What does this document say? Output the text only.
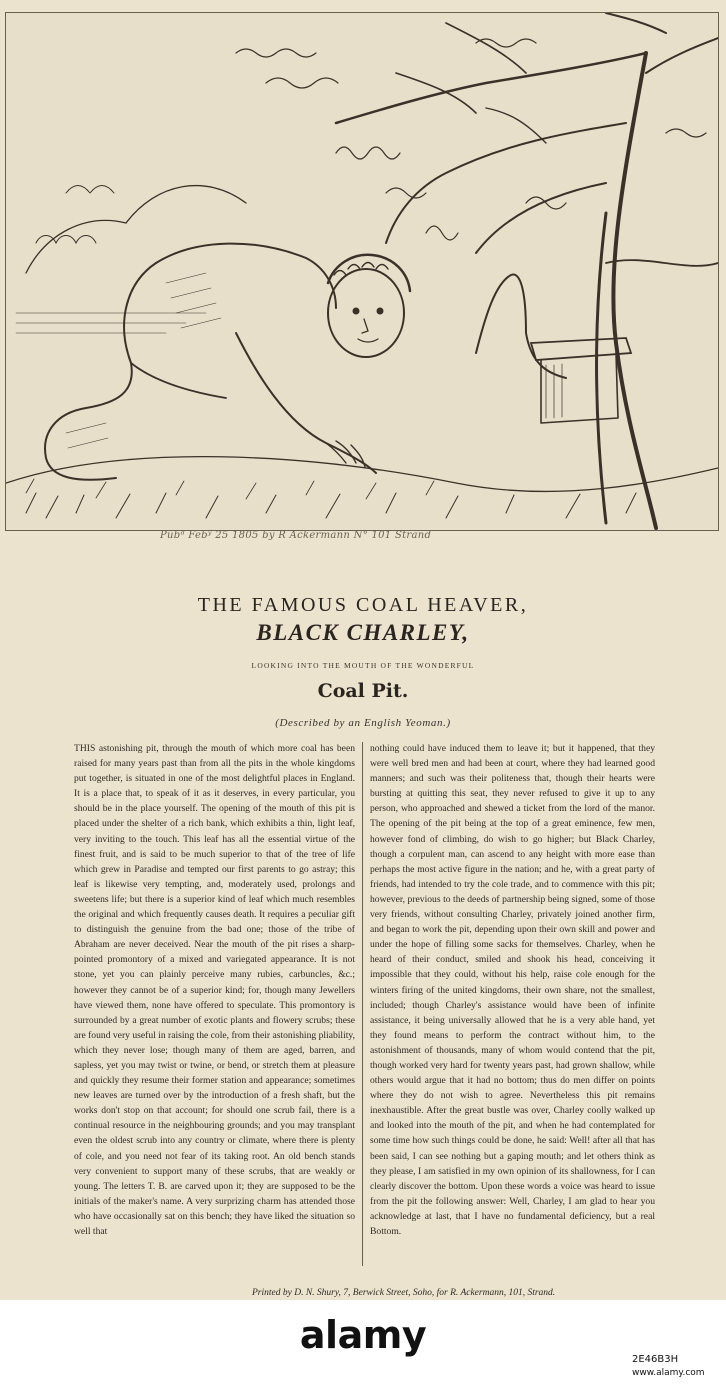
Pubᵈ Febʸ 25 1805 by R Ackermann N° 101 Strand
THE FAMOUS COAL HEAVER,
BLACK CHARLEY,
LOOKING INTO THE MOUTH OF THE WONDERFUL
Coal Pit.
(Described by an English Yeoman.)
THIS astonishing pit, through the mouth of which more coal has been raised for many years past than from all the pits in the whole kingdoms put together, is situated in one of the most delightful places in England. It is a place that, to speak of it as it deserves, in every particular, you should be in the place yourself. The opening of the mouth of this pit is placed under the shelter of a rich bank, which exhibits a thin, light leaf, very inviting to the touch. This leaf has all the essential virtue of the finest fruit, and is said to be much superior to that of the tree of life which grew in Paradise and tempted our first parents to go astray; this leaf is likewise very tempting, and, moderately used, prolongs and sweetens life; but there is a superior kind of leaf which much resembles the original and which frequently causes death. It requires a peculiar gift to distinguish the genuine from the bad one; those of the tribe of Abraham are never deceived. Near the mouth of the pit rises a sharp-pointed promontory of a mixed and variegated appearance. It is not stone, yet you can plainly perceive many rubies, carbuncles, &c.; however they cannot be of a superior kind; for, though many Jewellers have viewed them, none have offered to speculate. This promontory is surrounded by a great number of exotic plants and flowery scrubs; these are found very useful in raising the cole, from their astonishing pliability, which they never lose; though many of them are aged, barren, and sapless, yet you may twist or twine, or bend, or stretch them at pleasure and quickly they resume their former station and appearance; sometimes new leaves are turned over by the introduction of a fresh shaft, but the works don't stop on that account; for should one scrub fail, there is a continual resource in the neighbouring grounds; and you may transplant even the oldest scrub into any country or climate, where there is plenty of cole, and you need not fear of its taking root. An old bench stands very convenient to support many of these scrubs, that are weakly or young. The letters T. B. are carved upon it; they are supposed to be the initials of the maker's name. A very surprizing charm has attended those who have occasionally sat on this bench; they have liked the situation so well that
nothing could have induced them to leave it; but it happened, that they were well bred men and had been at court, where they had learned good manners; and such was their politeness that, though their hearts were bursting at quitting this seat, they never refused to give it up to any person, who approached and shewed a ticket from the lord of the manor. The opening of the pit being at the top of a great eminence, few men, however fond of climbing, do wish to go higher; but Black Charley, though a corpulent man, can ascend to any height with more ease than perhaps the most active figure in the nation; and he, with a great party of friends, had intended to try the cole trade, and to commence with this pit; however, previous to the deeds of partnership being signed, some of those very friends, without consulting Charley, privately joined another firm, and began to work the pit, depending upon their own skill and power and under the hope of filling some sacks for themselves. Charley, when he heard of their conduct, smiled and shook his head, conceiving it impossible that they could, without his help, raise cole enough for the winters firing of the united kingdoms, their own share, not the smallest, included; though Charley's assistance would have been of infinite assistance, it being universally allowed that he is a very able hand, yet they found means to perform the contract without him, to the astonishment of thousands, many of whom would contend that the pit, though worked very hard for twenty years past, had grown shallow, while others would argue that it had no bottom; thus do men differ on points where they do not wish to agree. Nevertheless this pit remains inexhaustible. After the great bustle was over, Charley coolly walked up and looked into the mouth of the pit, and when he had contemplated for some time how such things could be done, he said: Well! after all that has been said, I can see nothing but a gaping mouth; and let others think as they please, I am satisfied in my own opinion of its shallowness, for I can clearly discover the bottom. Upon these words a voice was heard to issue from the pit the following answer: Well, Charley, I am glad to hear you acknowledge at last, that I have no fundamental deficiency, but a real Bottom.
Printed by D. N. Shury, 7, Berwick Street, Soho, for R. Ackermann, 101, Strand.
alamy
2E46B3H
www.alamy.com
